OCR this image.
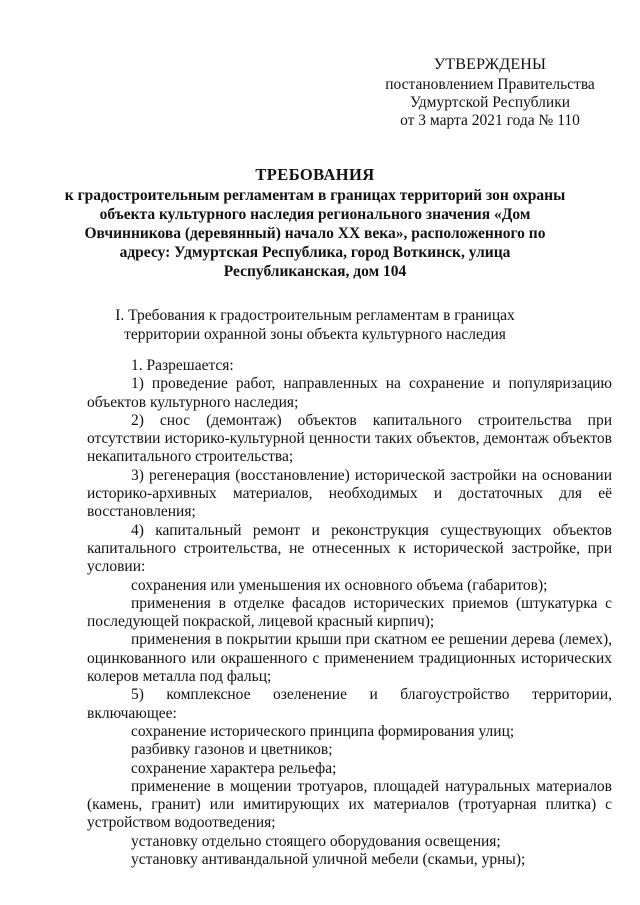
УТВЕРЖДЕНЫ
постановлением Правительства
Удмуртской Республики
от 3 марта 2021 года № 110
ТРЕБОВАНИЯ
к градостроительным регламентам в границах территорий зон охраны объекта культурного наследия регионального значения «Дом Овчинникова (деревянный) начало XX века», расположенного по адресу: Удмуртская Республика, город Воткинск, улица Республиканская, дом 104
I. Требования к градостроительным регламентам в границах территории охранной зоны объекта культурного наследия

1. Разрешается:

1) проведение работ, направленных на сохранение и популяризацию объектов культурного наследия;

2) снос (демонтаж) объектов капитального строительства при отсутствии историко-культурной ценности таких объектов, демонтаж объектов некапитального строительства;

3) регенерация (восстановление) исторической застройки на основании историко-архивных материалов, необходимых и достаточных для её восстановления;

4) капитальный ремонт и реконструкция существующих объектов капитального строительства, не отнесенных к исторической застройке, при условии:

сохранения или уменьшения их основного объема (габаритов);

применения в отделке фасадов исторических приемов (штукатурка с последующей покраской, лицевой красный кирпич);

применения в покрытии крыши при скатном ее решении дерева (лемех), оцинкованного или окрашенного с применением традиционных исторических колеров металла под фальц;

5) комплексное озеленение и благоустройство территории, включающее:

сохранение исторического принципа формирования улиц;

разбивку газонов и цветников;

сохранение характера рельефа;

применение в мощении тротуаров, площадей натуральных материалов (камень, гранит) или имитирующих их материалов (тротуарная плитка) с устройством водоотведения;

установку отдельно стоящего оборудования освещения;

установку антивандальной уличной мебели (скамьи, урны);
